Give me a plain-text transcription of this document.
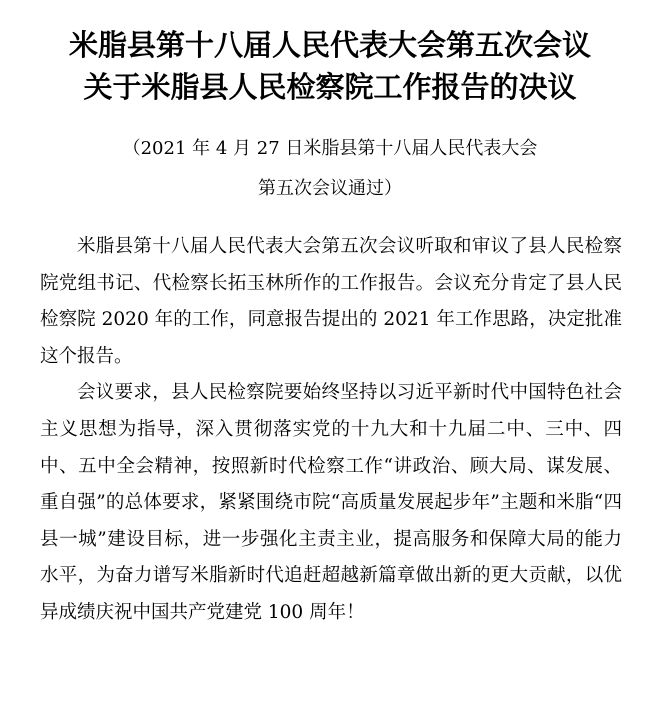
米脂县第十八届人民代表大会第五次会议
关于米脂县人民检察院工作报告的决议
（2021 年 4 月 27 日米脂县第十八届人民代表大会
第五次会议通过）

米脂县第十八届人民代表大会第五次会议听取和审议了县人民检察院党组书记、代检察长拓玉林所作的工作报告。会议充分肯定了县人民检察院 2020 年的工作，同意报告提出的 2021 年工作思路，决定批准这个报告。

会议要求，县人民检察院要始终坚持以习近平新时代中国特色社会主义思想为指导，深入贯彻落实党的十九大和十九届二中、三中、四中、五中全会精神，按照新时代检察工作“讲政治、顾大局、谋发展、重自强”的总体要求，紧紧围绕市院“高质量发展起步年”主题和米脂“四县一城”建设目标，进一步强化主责主业，提高服务和保障大局的能力水平，为奋力谱写米脂新时代追赶超越新篇章做出新的更大贡献，以优异成绩庆祝中国共产党建党 100 周年！
